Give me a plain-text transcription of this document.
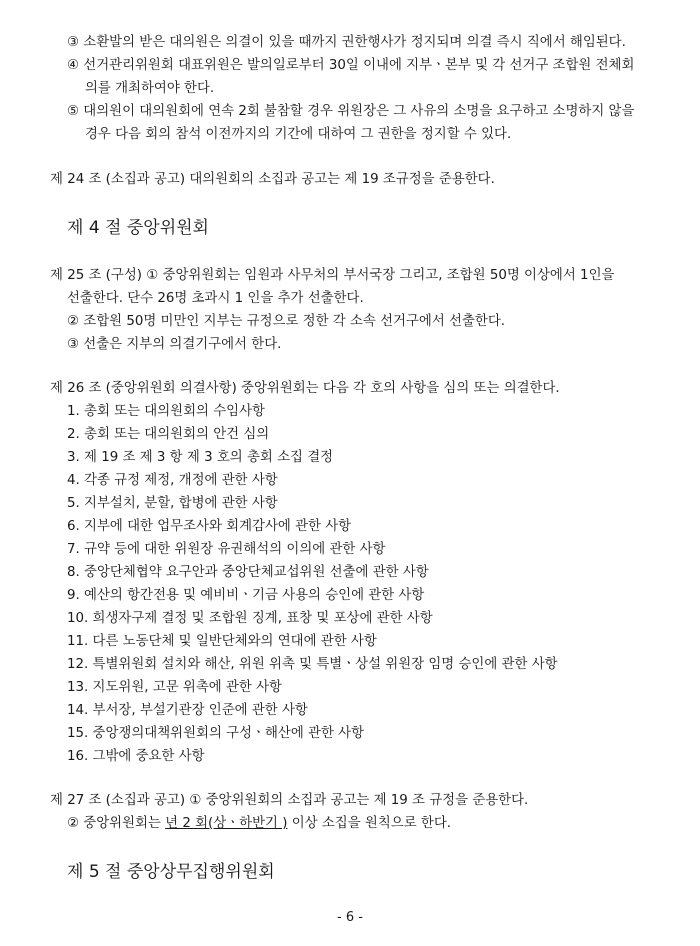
③ 소환발의 받은 대의원은 의결이 있을 때까지 권한행사가 정지되며 의결 즉시 직에서 해임된다.
④ 선거관리위원회 대표위원은 발의일로부터 30일 이내에 지부ㆍ본부 및 각 선거구 조합원 전체회
의를 개최하여야 한다.
⑤ 대의원이 대의원회에 연속 2회 불참할 경우 위원장은 그 사유의 소명을 요구하고 소명하지 않을
경우 다음 회의 참석 이전까지의 기간에 대하여 그 권한을 정지할 수 있다.
제 24 조 (소집과 공고) 대의원회의 소집과 공고는 제 19 조규정을 준용한다.
제 4 절 중앙위원회
제 25 조 (구성) ① 중앙위원회는 임원과 사무처의 부서국장 그리고, 조합원 50명 이상에서 1인을
선출한다. 단수 26명 초과시 1 인을 추가 선출한다.
② 조합원 50명 미만인 지부는 규정으로 정한 각 소속 선거구에서 선출한다.
③ 선출은 지부의 의결기구에서 한다.
제 26 조 (중앙위원회 의결사항) 중앙위원회는 다음 각 호의 사항을 심의 또는 의결한다.
1. 총회 또는 대의원회의 수임사항
2. 총회 또는 대의원회의 안건 심의
3. 제 19 조 제 3 항 제 3 호의 총회 소집 결정
4. 각종 규정 제정, 개정에 관한 사항
5. 지부설치, 분할, 합병에 관한 사항
6. 지부에 대한 업무조사와 회계감사에 관한 사항
7. 규약 등에 대한 위원장 유권해석의 이의에 관한 사항
8. 중앙단체협약 요구안과 중앙단체교섭위원 선출에 관한 사항
9. 예산의 항간전용 및 예비비ㆍ기금 사용의 승인에 관한 사항
10. 희생자구제 결정 및 조합원 징계, 표창 및 포상에 관한 사항
11. 다른 노동단체 및 일반단체와의 연대에 관한 사항
12. 특별위원회 설치와 해산, 위원 위촉 및 특별ㆍ상설 위원장 임명 승인에 관한 사항
13. 지도위원, 고문 위촉에 관한 사항
14. 부서장, 부설기관장 인준에 관한 사항
15. 중앙쟁의대책위원회의 구성ㆍ해산에 관한 사항
16. 그밖에 중요한 사항
제 27 조 (소집과 공고) ① 중앙위원회의 소집과 공고는 제 19 조 규정을 준용한다.
② 중앙위원회는 년 2 회(상ㆍ하반기 ) 이상 소집을 원칙으로 한다.
제 5 절 중앙상무집행위원회
- 6 -
